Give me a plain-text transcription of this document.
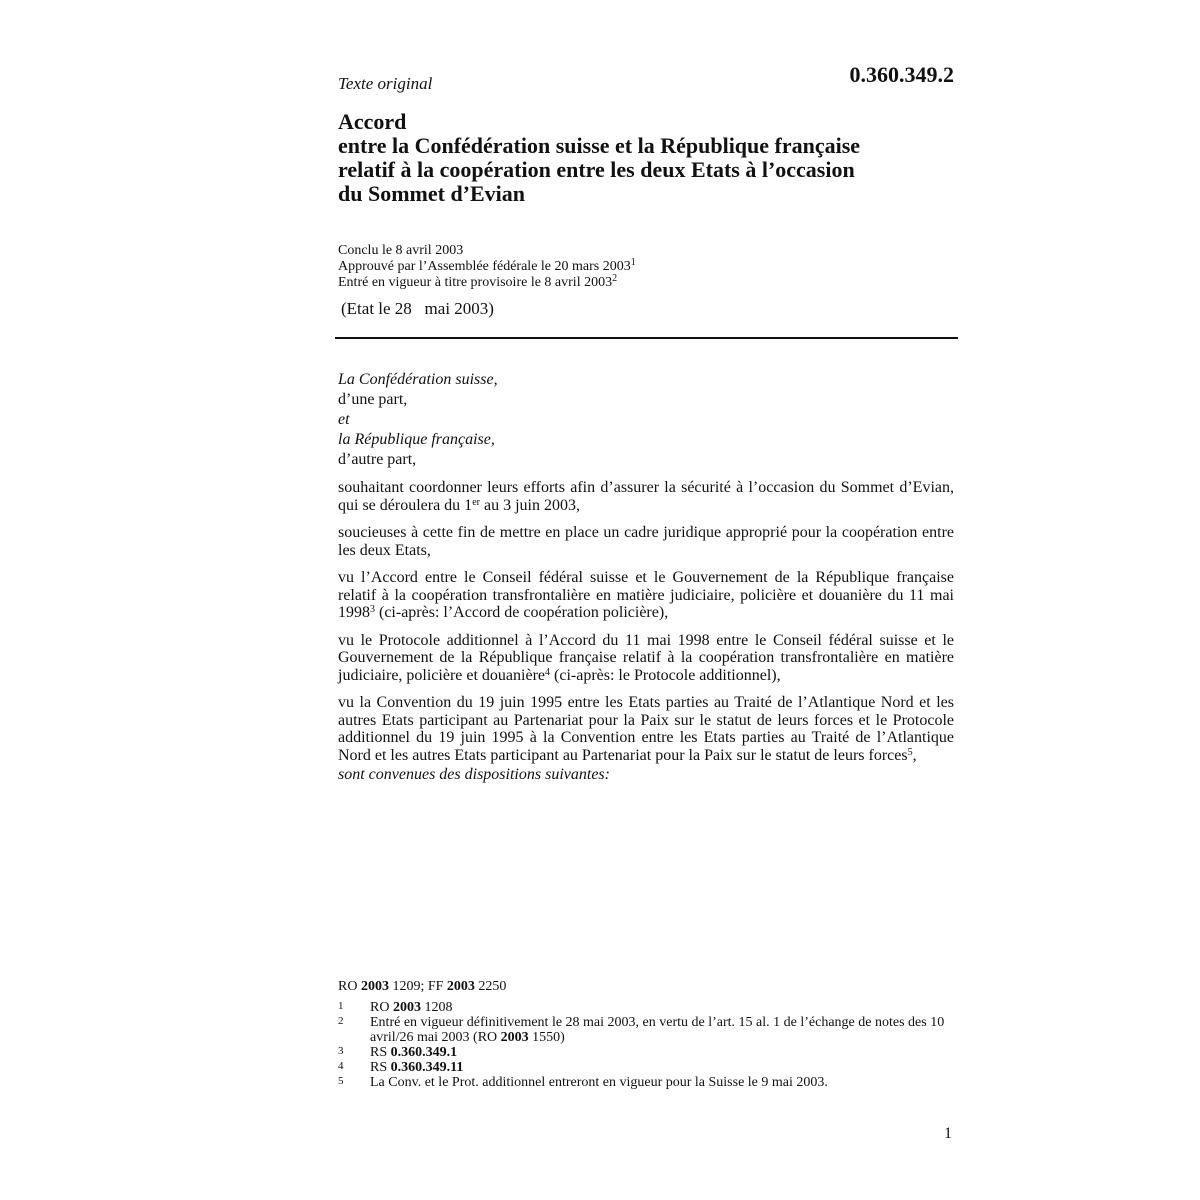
Texte original	0.360.349.2
Accord
entre la Confédération suisse et la République française
relatif à la coopération entre les deux Etats à l’occasion
du Sommet d’Evian
Conclu le 8 avril 2003
Approuvé par l’Assemblée fédérale le 20 mars 2003$^1$
Entré en vigueur à titre provisoire le 8 avril 2003$^2$
(Etat le 28   mai 2003)
La Confédération suisse,
d’une part,
et
la République française,
d’autre part,

souhaitant coordonner leurs efforts afin d’assurer la sécurité à l’occasion du Sommet d’Evian, qui se déroulera du 1er au 3 juin 2003,

soucieuses à cette fin de mettre en place un cadre juridique approprié pour la coopération entre les deux Etats,

vu l’Accord entre le Conseil fédéral suisse et le Gouvernement de la République française relatif à la coopération transfrontalière en matière judiciaire, policière et douanière du 11 mai 1998$^3$ (ci-après: l’Accord de coopération policière),

vu le Protocole additionnel à l’Accord du 11 mai 1998 entre le Conseil fédéral suisse et le Gouvernement de la République française relatif à la coopération transfrontalière en matière judiciaire, policière et douanière$^4$ (ci-après: le Protocole additionnel),

vu la Convention du 19 juin 1995 entre les Etats parties au Traité de l’Atlantique Nord et les autres Etats participant au Partenariat pour la Paix sur le statut de leurs forces et le Protocole additionnel du 19 juin 1995 à la Convention entre les Etats parties au Traité de l’Atlantique Nord et les autres Etats participant au Partenariat pour la Paix sur le statut de leurs forces$^5$,

sont convenues des dispositions suivantes:

RO 2003 1209; FF 2003 2250
1	RO 2003 1208
2	Entré en vigueur définitivement le 28 mai 2003, en vertu de l’art. 15 al. 1 de l’échange de notes des 10 avril/26 mai 2003 (RO 2003 1550)
3	RS 0.360.349.1
4	RS 0.360.349.11
5	La Conv. et le Prot. additionnel entreront en vigueur pour la Suisse le 9 mai 2003.
1
